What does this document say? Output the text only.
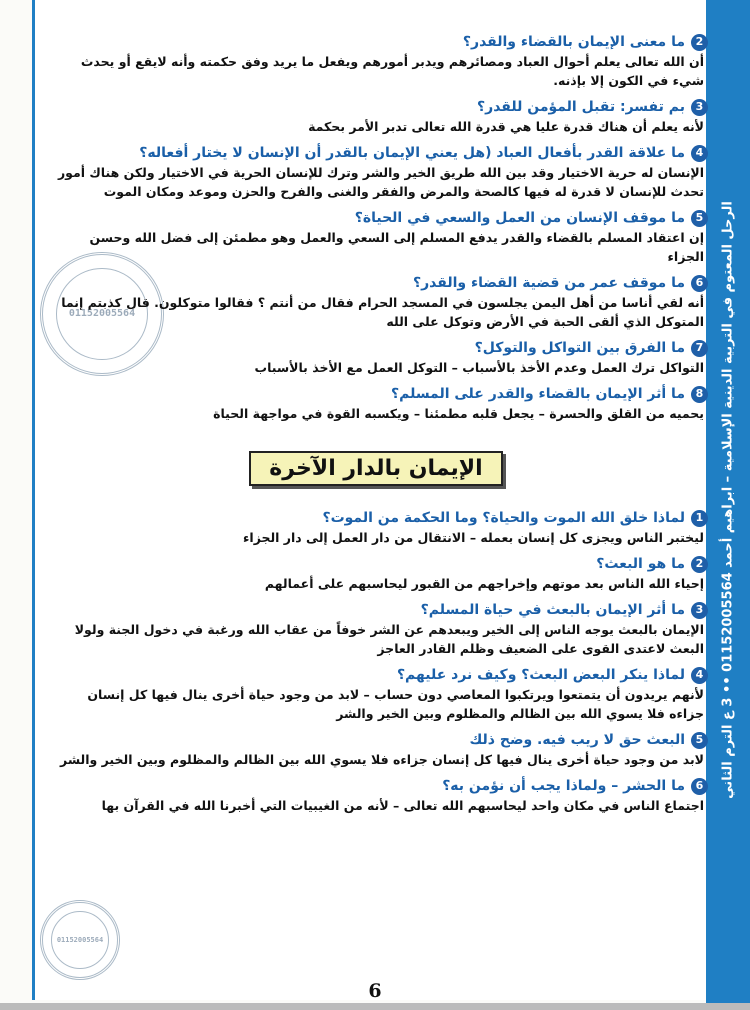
الرحل المعتوم في التربية الدينية الإسلامية – ابراهيم أحمد 01152005564 •• 3 ع الترم الثاني
01152005564
2
ما معنى الإيمان بالقضاء والقدر؟
أن الله تعالى يعلم أحوال العباد ومصائرهم ويدبر أمورهم ويفعل ما يريد وفق حكمته وأنه لايقع أو يحدث شيء في الكون إلا بإذنه.
3
بم تفسر: تقبل المؤمن للقدر؟
لأنه يعلم أن هناك قدرة عليا هي قدرة الله تعالى تدبر الأمر بحكمة
4
ما علاقة القدر بأفعال العباد (هل يعني الإيمان بالقدر أن الإنسان لا يختار أفعاله؟
الإنسان له حرية الاختيار وقد بين الله طريق الخير والشر وترك للإنسان الحرية في الاختيار ولكن هناك أمور تحدث للإنسان لا قدرة له فيها كالصحة والمرض والفقر والغنى والفرح والحزن وموعد ومكان الموت
5
ما موقف الإنسان من العمل والسعي في الحياة؟
إن اعتقاد المسلم بالقضاء والقدر يدفع المسلم إلى السعي والعمل وهو مطمئن إلى فضل الله وحسن الجزاء
6
ما موقف عمر من قضية القضاء والقدر؟
أنه لقي أناسا من أهل اليمن يجلسون في المسجد الحرام فقال من أنتم ؟ فقالوا متوكلون. قال كذبتم إنما المتوكل الذي ألقى الحبة في الأرض وتوكل على الله
7
ما الفرق بين التواكل والتوكل؟
التواكل ترك العمل وعدم الأخذ بالأسباب – التوكل العمل مع الأخذ بالأسباب
8
ما أثر الإيمان بالقضاء والقدر على المسلم؟
يحميه من القلق والحسرة – يجعل قلبه مطمئنا – ويكسبه القوة في مواجهة الحياة
الإيمان بالدار الآخرة
1
لماذا خلق الله الموت والحياة؟ وما الحكمة من الموت؟
ليختبر الناس ويجزى كل إنسان بعمله – الانتقال من دار العمل إلى دار الجزاء
2
ما هو البعث؟
إحياء الله الناس بعد موتهم وإخراجهم من القبور ليحاسبهم على أعمالهم
3
ما أثر الإيمان بالبعث في حياة المسلم؟
الإيمان بالبعث يوجه الناس إلى الخير ويبعدهم عن الشر خوفاً من عقاب الله ورغبة في دخول الجنة ولولا البعث لاعتدى القوى على الضعيف وظلم القادر العاجز
4
لماذا ينكر البعض البعث؟ وكيف نرد عليهم؟
لأنهم يريدون أن يتمتعوا ويرتكبوا المعاصي دون حساب – لابد من وجود حياة أخرى ينال فيها كل إنسان جزاءه فلا يسوي الله بين الظالم والمظلوم وبين الخير والشر
5
البعث حق لا ريب فيه. وضح ذلك
لابد من وجود حياة أخرى ينال فيها كل إنسان جزاءه فلا يسوي الله بين الظالم والمظلوم وبين الخير والشر
6
ما الحشر – ولماذا يجب أن نؤمن به؟
اجتماع الناس في مكان واحد ليحاسبهم الله تعالى – لأنه من الغيبيات التي أخبرنا الله في القرآن بها
01152005564
6
